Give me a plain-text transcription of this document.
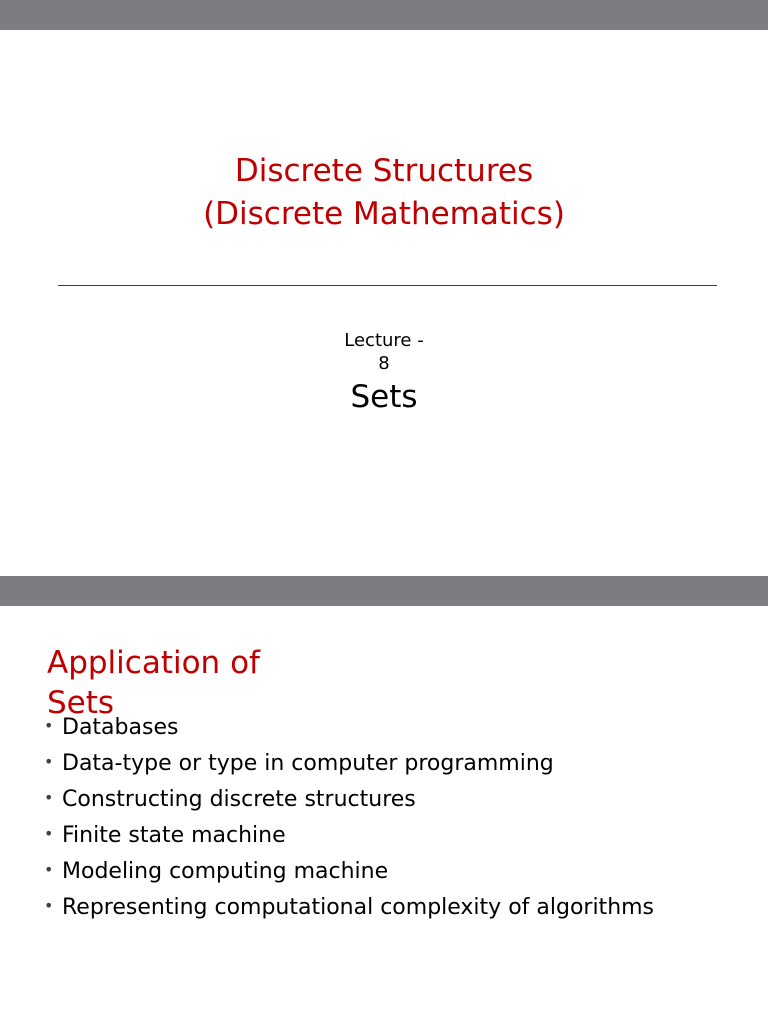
Discrete Structures
(Discrete Mathematics)
Lecture -
8
Sets
Application of
Sets
• Databases
• Data-type or type in computer programming
• Constructing discrete structures
• Finite state machine
• Modeling computing machine
• Representing computational complexity of algorithms
